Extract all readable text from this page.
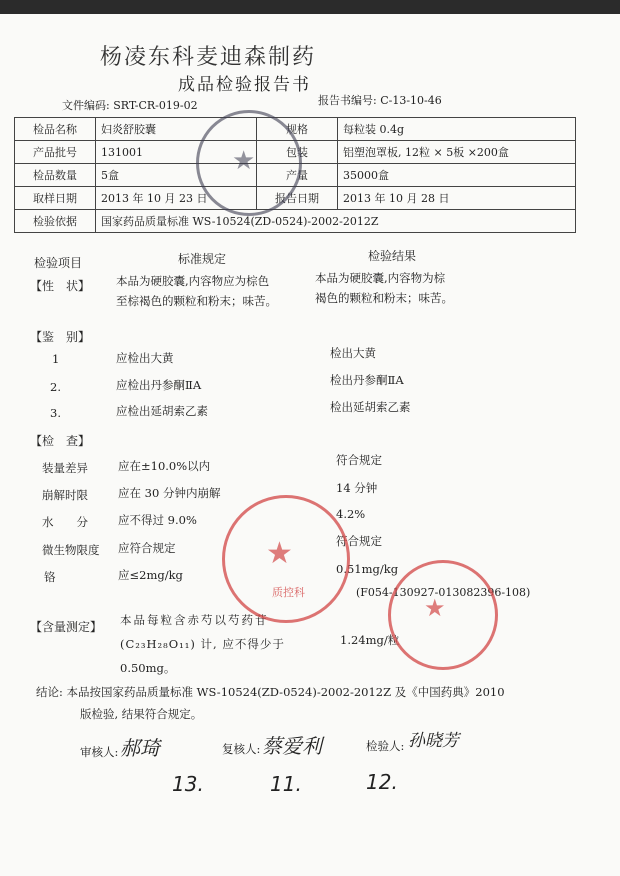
杨凌东科麦迪森制药
成品检验报告书
文件编码: SRT-CR-019-02	报告书编号: C-13-10-46
检品名称	妇炎舒胶囊	规格	每粒装 0.4g
产品批号	131001	包装	铝塑泡罩板, 12粒 × 5板 ×200盒
检品数量	5盒	产量	35000盒
取样日期	2013 年 10 月 23 日	报告日期	2013 年 10 月 28 日
检验依据	国家药品质量标准 WS-10524(ZD-0524)-2002-2012Z		
★
检验项目	标准规定	检验结果
【性　状】 本品为硬胶囊,内容物应为棕色
至棕褐色的颗粒和粉末；味苦。
本品为硬胶囊,内容物为棕
褐色的颗粒和粉末；味苦。
【鉴　别】
1	应检出大黄	检出大黄
2.	应检出丹参酮ⅡA	检出丹参酮ⅡA
3.	应检出延胡索乙素	检出延胡索乙素
【检　查】
装量差异	应在±10.0%以内	符合规定
崩解时限	应在 30 分钟内崩解	14 分钟
水　　分	应不得过 9.0%	4.2%
微生物限度 应符合规定	符合规定
铬	应≤2mg/kg	0.51mg/kg
(F054-130927-013082396-108)
【含量测定】 本品每粒含赤芍以芍药苷
(C₂₃H₂₈O₁₁) 计, 应不得少于
0.50mg。
1.24mg/粒
结论: 本品按国家药品质量标准 WS-10524(ZD-0524)-2002-2012Z 及《中国药典》2010
版检验, 结果符合规定。
审核人: 郝琦	复核人: 蔡爱利	检验人: 孙晓芳
13.	11.	12.
★
质控科
★
